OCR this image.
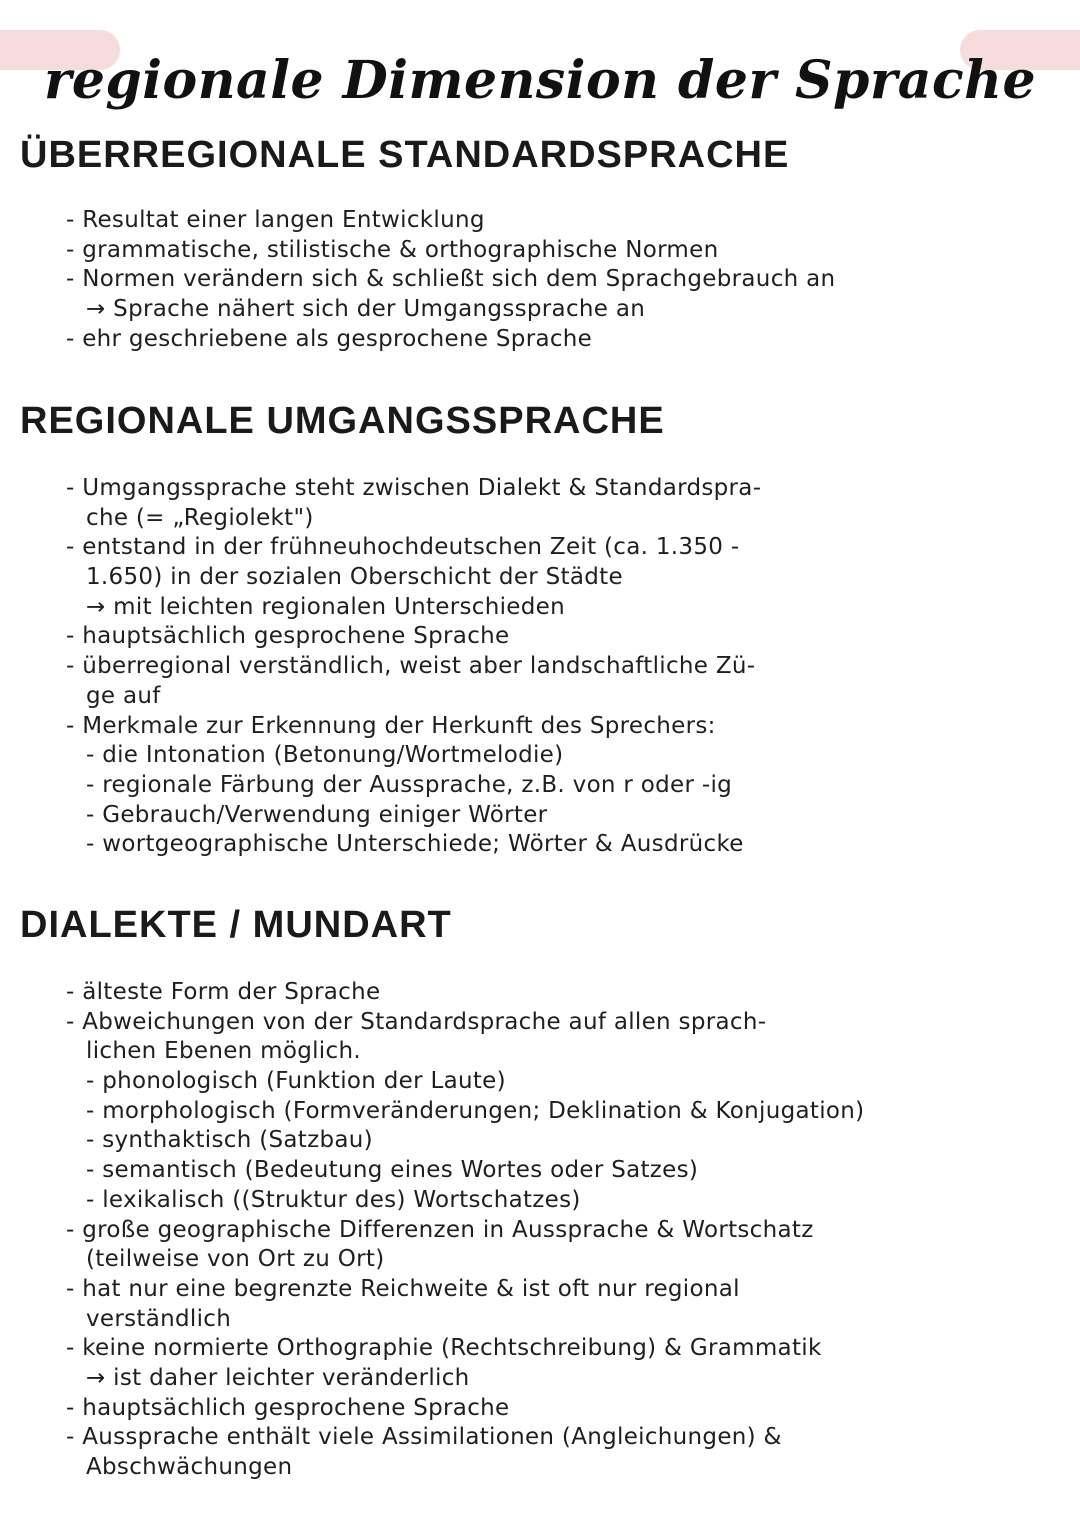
regionale Dimension der Sprache
ÜBERREGIONALE STANDARDSPRACHE
- Resultat einer langen Entwicklung
- grammatische, stilistische & orthographische Normen
- Normen verändern sich & schließt sich dem Sprachgebrauch an
→ Sprache nähert sich der Umgangssprache an
- ehr geschriebene als gesprochene Sprache
REGIONALE UMGANGSSPRACHE
- Umgangssprache steht zwischen Dialekt & Standardspra-
che (= „Regiolekt")
- entstand in der frühneuhochdeutschen Zeit (ca. 1.350 -
1.650) in der sozialen Oberschicht der Städte
→ mit leichten regionalen Unterschieden
- hauptsächlich gesprochene Sprache
- überregional verständlich, weist aber landschaftliche Zü-
ge auf
- Merkmale zur Erkennung der Herkunft des Sprechers:
- die Intonation (Betonung/Wortmelodie)
- regionale Färbung der Aussprache, z.B. von r oder -ig
- Gebrauch/Verwendung einiger Wörter
- wortgeographische Unterschiede; Wörter & Ausdrücke
DIALEKTE / MUNDART
- älteste Form der Sprache
- Abweichungen von der Standardsprache auf allen sprach-
lichen Ebenen möglich.
- phonologisch (Funktion der Laute)
- morphologisch (Formveränderungen; Deklination & Konjugation)
- synthaktisch (Satzbau)
- semantisch (Bedeutung eines Wortes oder Satzes)
- lexikalisch ((Struktur des) Wortschatzes)
- große geographische Differenzen in Aussprache & Wortschatz
(teilweise von Ort zu Ort)
- hat nur eine begrenzte Reichweite & ist oft nur regional
verständlich
- keine normierte Orthographie (Rechtschreibung) & Grammatik
→ ist daher leichter veränderlich
- hauptsächlich gesprochene Sprache
- Aussprache enthält viele Assimilationen (Angleichungen) &
Abschwächungen
